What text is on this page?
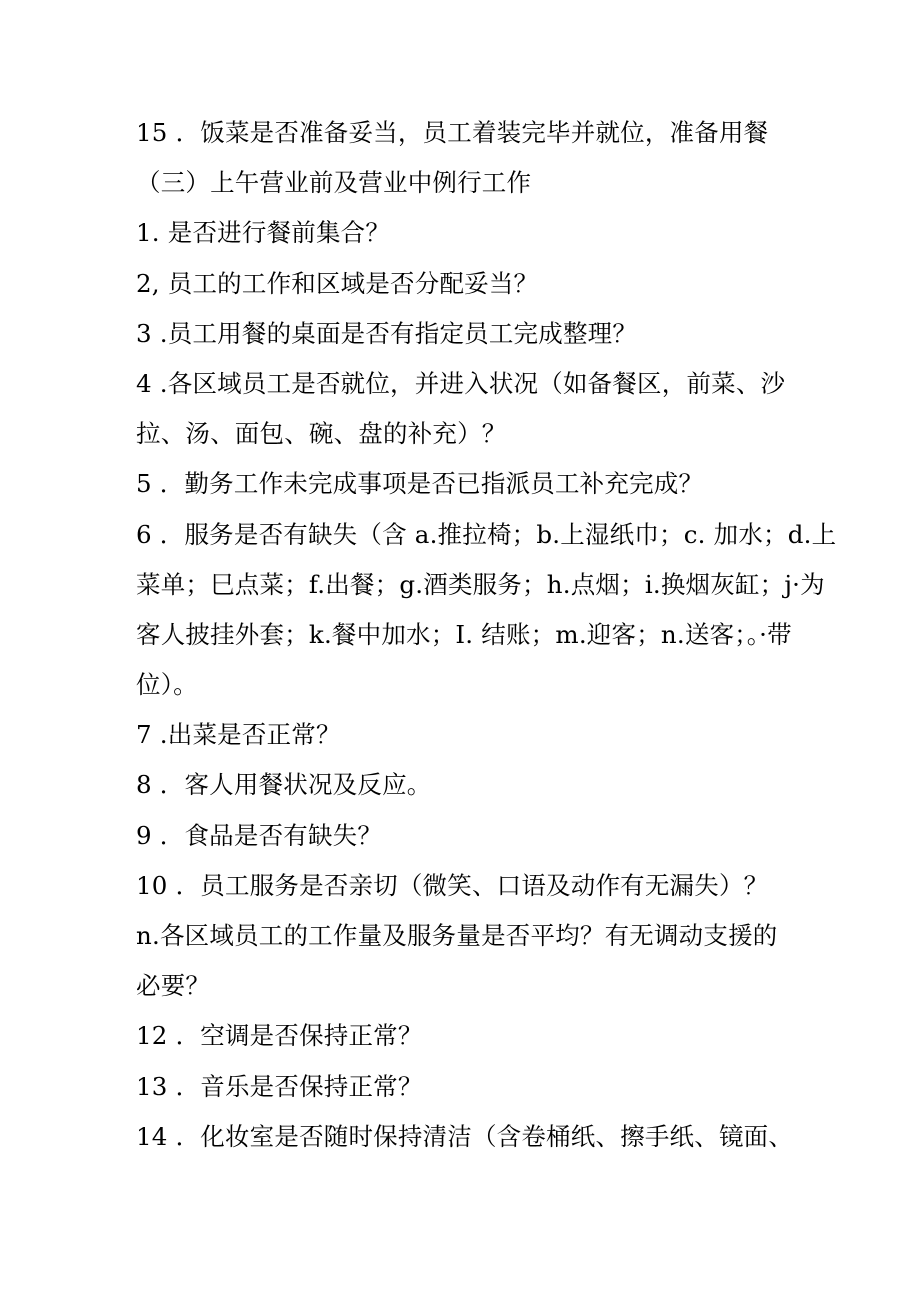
15 ．饭菜是否准备妥当，员工着装完毕并就位，准备用餐
（三）上午营业前及营业中例行工作
1. 是否进行餐前集合？
2, 员工的工作和区域是否分配妥当？
3 .员工用餐的桌面是否有指定员工完成整理？
4 .各区域员工是否就位，并进入状况（如备餐区，前菜、沙
拉、汤、面包、碗、盘的补充）？
5 ．勤务工作未完成事项是否已指派员工补充完成？
6 ．服务是否有缺失（含 a.推拉椅；b.上湿纸巾；c. 加水；d.上
菜单；巳点菜；f.出餐；g.酒类服务；h.点烟；i.换烟灰缸；j·为
客人披挂外套；k.餐中加水；I. 结账；m.迎客；n.送客；。·带
位）。
7 .出菜是否正常？
8 ．客人用餐状况及反应。
9 ．食品是否有缺失？
10 ．员工服务是否亲切（微笑、口语及动作有无漏失）？
n.各区域员工的工作量及服务量是否平均？有无调动支援的
必要？
12 ．空调是否保持正常？
13 ．音乐是否保持正常？
14 ．化妆室是否随时保持清洁（含卷桶纸、擦手纸、镜面、
